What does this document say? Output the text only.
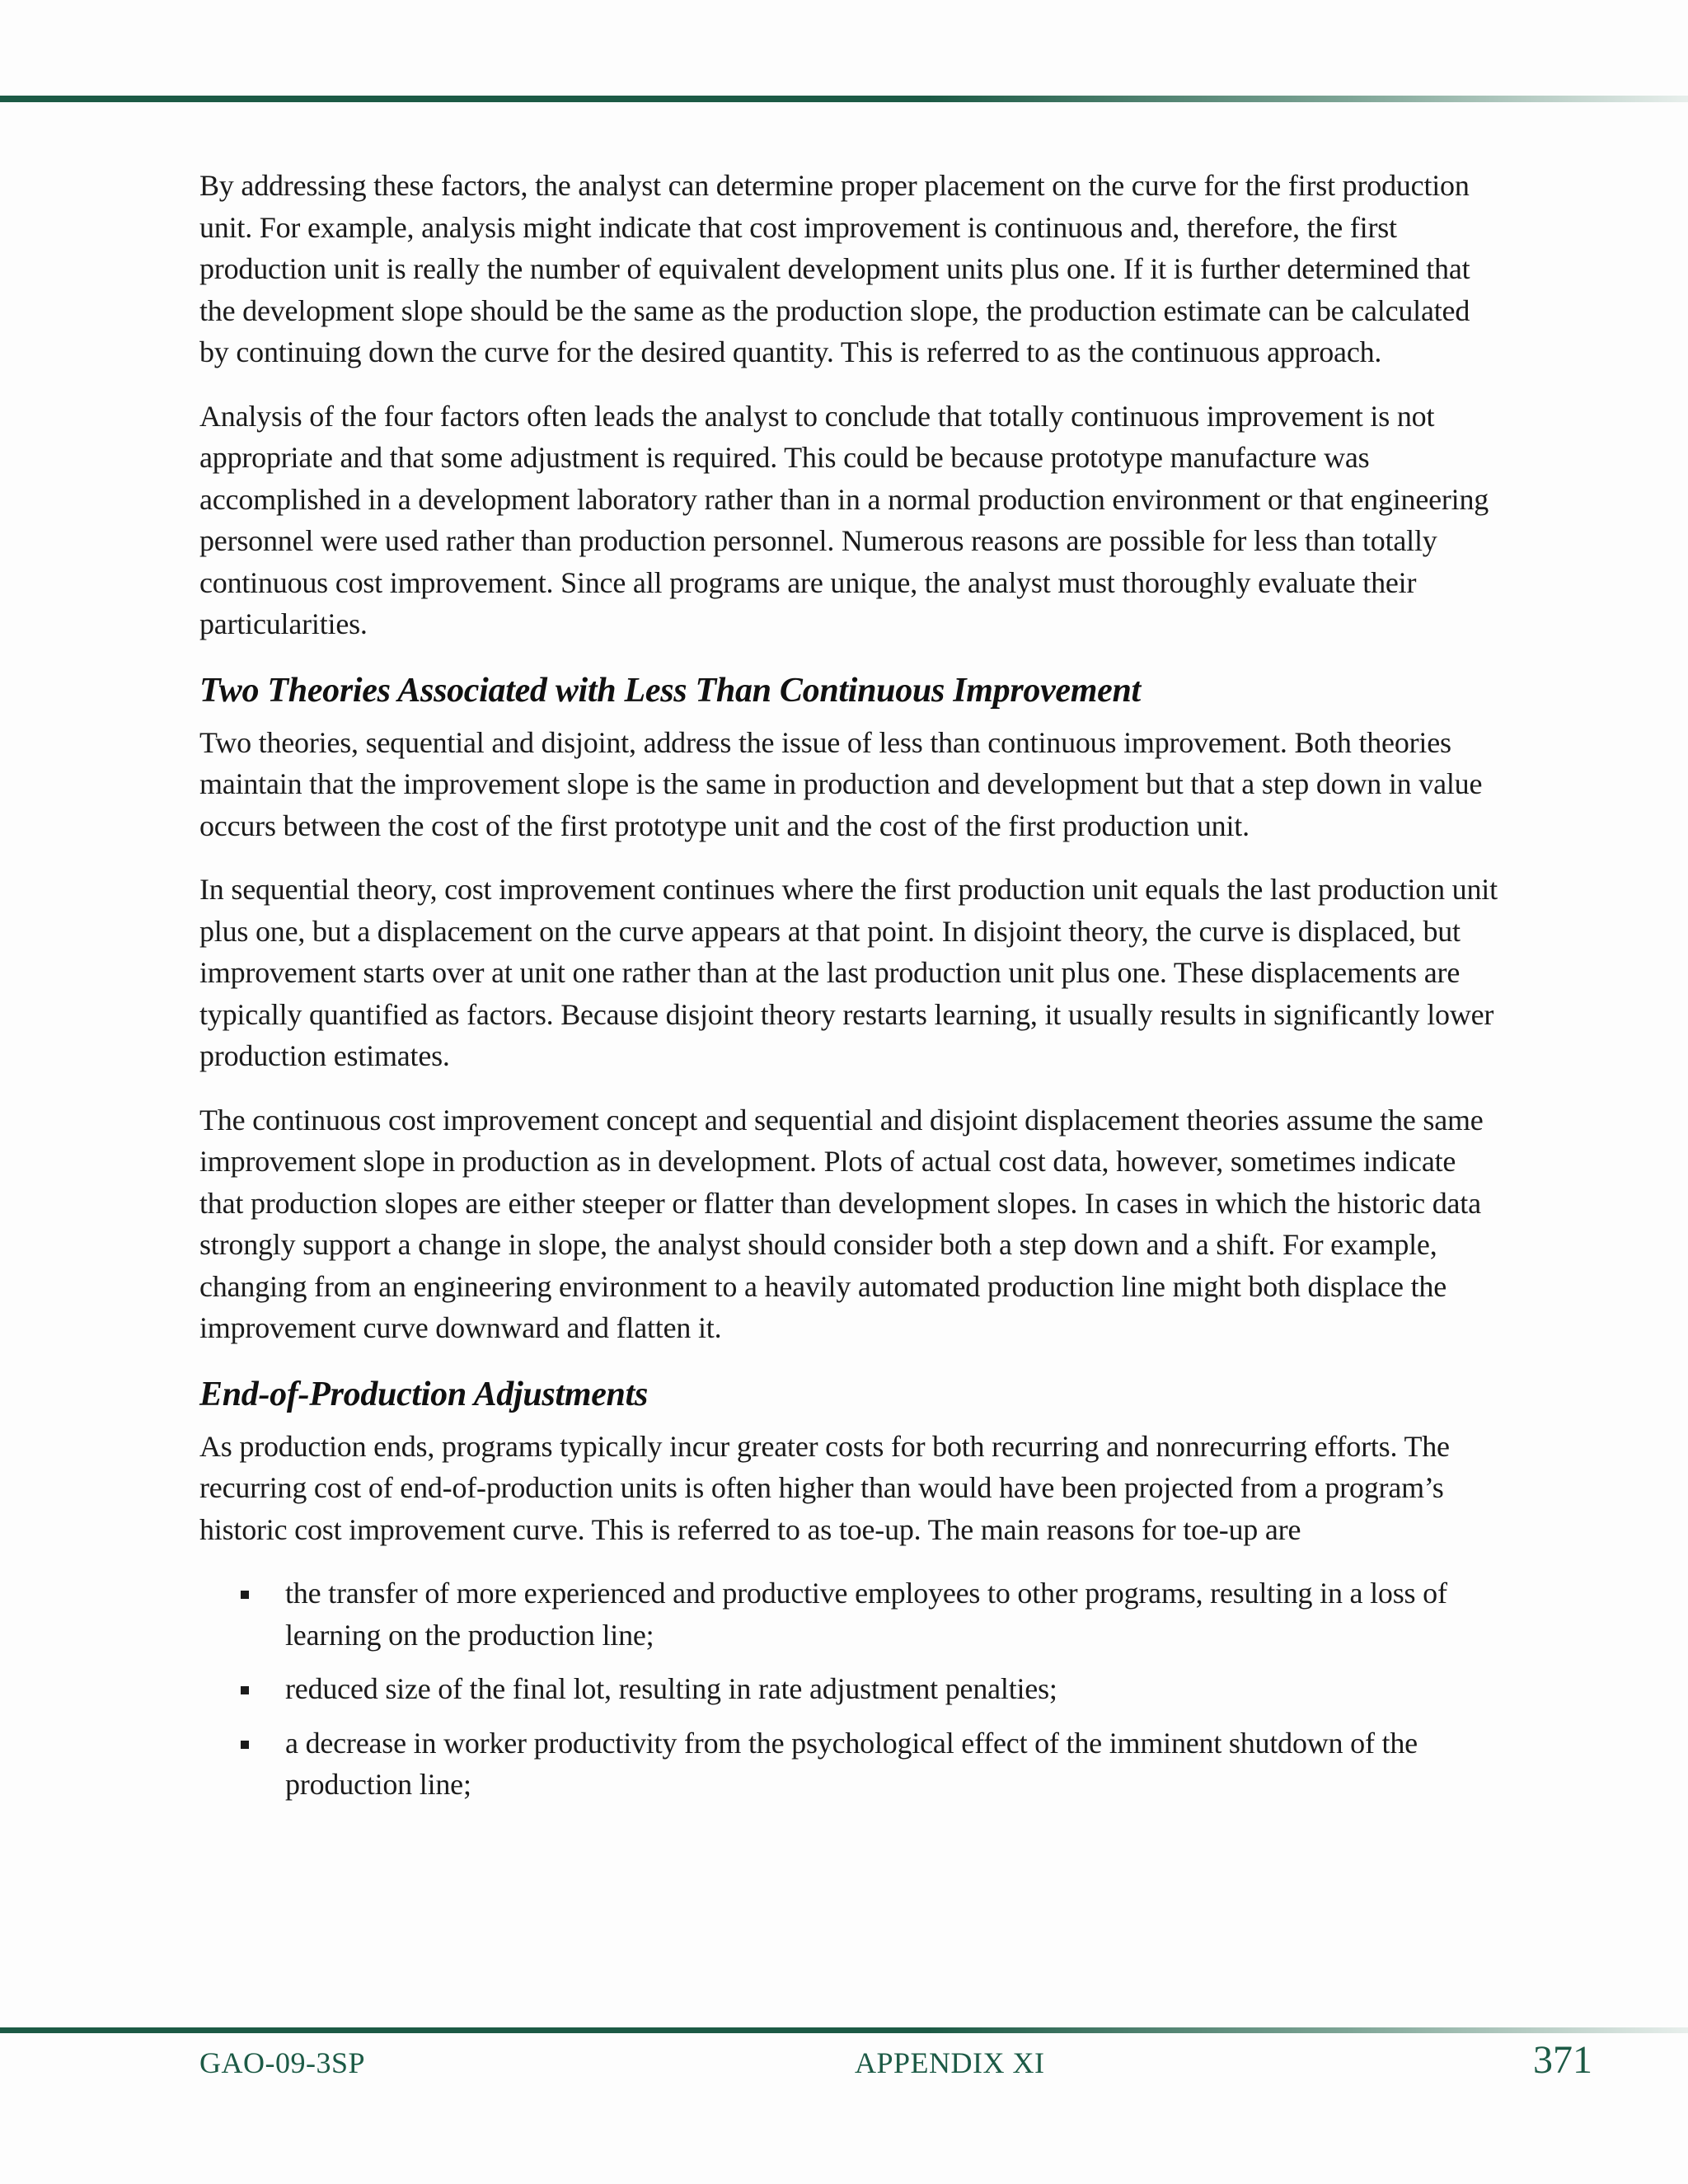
By addressing these factors, the analyst can determine proper placement on the curve for the first production unit. For example, analysis might indicate that cost improvement is continuous and, therefore, the first production unit is really the number of equivalent development units plus one. If it is further determined that the development slope should be the same as the production slope, the production estimate can be calculated by continuing down the curve for the desired quantity. This is referred to as the continuous approach.

Analysis of the four factors often leads the analyst to conclude that totally continuous improvement is not appropriate and that some adjustment is required. This could be because prototype manufacture was accomplished in a development laboratory rather than in a normal production environment or that engineering personnel were used rather than production personnel. Numerous reasons are possible for less than totally continuous cost improvement. Since all programs are unique, the analyst must thoroughly evaluate their particularities.

Two Theories Associated with Less Than Continuous Improvement

Two theories, sequential and disjoint, address the issue of less than continuous improvement. Both theories maintain that the improvement slope is the same in production and development but that a step down in value occurs between the cost of the first prototype unit and the cost of the first production unit.

In sequential theory, cost improvement continues where the first production unit equals the last production unit plus one, but a displacement on the curve appears at that point. In disjoint theory, the curve is displaced, but improvement starts over at unit one rather than at the last production unit plus one. These displacements are typically quantified as factors. Because disjoint theory restarts learning, it usually results in significantly lower production estimates.

The continuous cost improvement concept and sequential and disjoint displacement theories assume the same improvement slope in production as in development. Plots of actual cost data, however, sometimes indicate that production slopes are either steeper or flatter than development slopes. In cases in which the historic data strongly support a change in slope, the analyst should consider both a step down and a shift. For example, changing from an engineering environment to a heavily automated production line might both displace the improvement curve downward and flatten it.

End-of-Production Adjustments

As production ends, programs typically incur greater costs for both recurring and nonrecurring efforts. The recurring cost of end-of-production units is often higher than would have been projected from a program’s historic cost improvement curve. This is referred to as toe-up. The main reasons for toe-up are

the transfer of more experienced and productive employees to other programs, resulting in a loss of learning on the production line;
reduced size of the final lot, resulting in rate adjustment penalties;
a decrease in worker productivity from the psychological effect of the imminent shutdown of the production line;
GAO-09-3SP	APPENDIX XI	371
